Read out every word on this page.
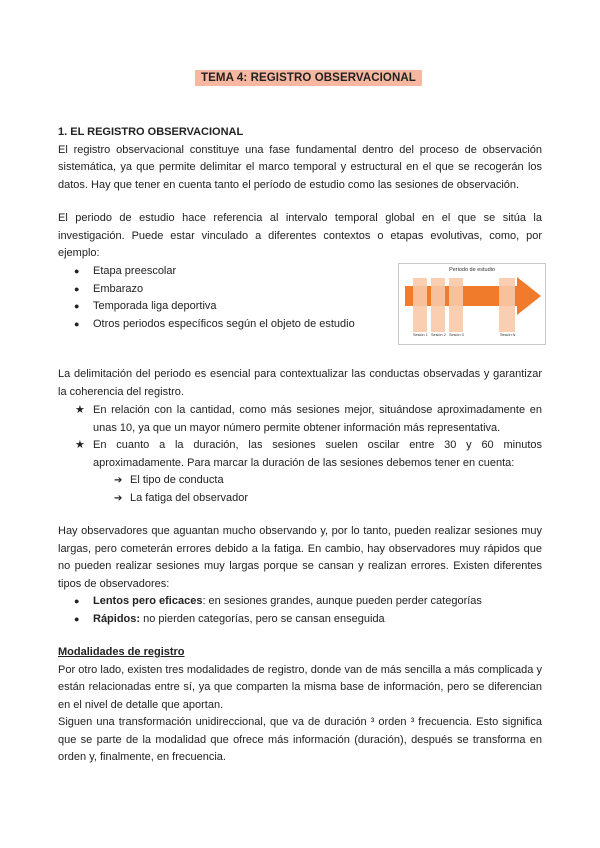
TEMA 4: REGISTRO OBSERVACIONAL
1. EL REGISTRO OBSERVACIONAL
El registro observacional constituye una fase fundamental dentro del proceso de observación sistemática, ya que permite delimitar el marco temporal y estructural en el que se recogerán los datos. Hay que tener en cuenta tanto el período de estudio como las sesiones de observación.
El periodo de estudio hace referencia al intervalo temporal global en el que se sitúa la investigación. Puede estar vinculado a diferentes contextos o etapas evolutivas, como, por ejemplo:
● Etapa preescolar
● Embarazo
● Temporada liga deportiva
● Otros periodos específicos según el objeto de estudio
Periodo de estudio
Sesión 1 Sesión 2 Sesión 3	Sesión N
La delimitación del periodo es esencial para contextualizar las conductas observadas y garantizar la coherencia del registro.
★ En relación con la cantidad, como más sesiones mejor, situándose aproximadamente en unas 10, ya que un mayor número permite obtener información más representativa.
★ En cuanto a la duración, las sesiones suelen oscilar entre 30 y 60 minutos aproximadamente. Para marcar la duración de las sesiones debemos tener en cuenta:
➔ El tipo de conducta
➔ La fatiga del observador
Hay observadores que aguantan mucho observando y, por lo tanto, pueden realizar sesiones muy largas, pero cometerán errores debido a la fatiga. En cambio, hay observadores muy rápidos que no pueden realizar sesiones muy largas porque se cansan y realizan errores. Existen diferentes tipos de observadores:
● Lentos pero eficaces: en sesiones grandes, aunque pueden perder categorías
● Rápidos: no pierden categorías, pero se cansan enseguida
Modalidades de registro
Por otro lado, existen tres modalidades de registro, donde van de más sencilla a más complicada y están relacionadas entre sí, ya que comparten la misma base de información, pero se diferencian en el nivel de detalle que aportan.
Siguen una transformación unidireccional, que va de duración ³ orden ³ frecuencia. Esto significa que se parte de la modalidad que ofrece más información (duración), después se transforma en orden y, finalmente, en frecuencia.
